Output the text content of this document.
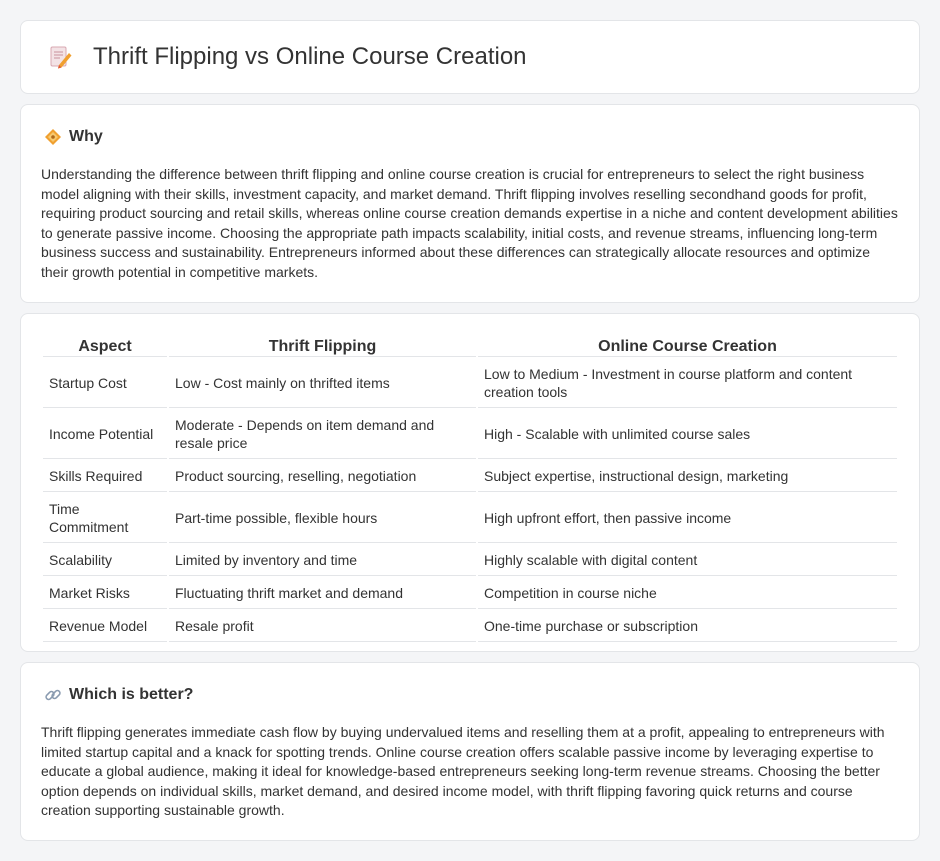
Thrift Flipping vs Online Course Creation
Why

Understanding the difference between thrift flipping and online course creation is crucial for entrepreneurs to select the right business model aligning with their skills, investment capacity, and market demand. Thrift flipping involves reselling secondhand goods for profit, requiring product sourcing and retail skills, whereas online course creation demands expertise in a niche and content development abilities to generate passive income. Choosing the appropriate path impacts scalability, initial costs, and revenue streams, influencing long-term business success and sustainability. Entrepreneurs informed about these differences can strategically allocate resources and optimize their growth potential in competitive markets.

Aspect	Thrift Flipping	Online Course Creation
Startup Cost	Low - Cost mainly on thrifted items	Low to Medium - Investment in course platform and content creation tools
Income Potential	Moderate - Depends on item demand and resale price	High - Scalable with unlimited course sales
Skills Required	Product sourcing, reselling, negotiation	Subject expertise, instructional design, marketing
Time Commitment	Part-time possible, flexible hours	High upfront effort, then passive income
Scalability	Limited by inventory and time	Highly scalable with digital content
Market Risks	Fluctuating thrift market and demand	Competition in course niche
Revenue Model	Resale profit	One-time purchase or subscription
Which is better?

Thrift flipping generates immediate cash flow by buying undervalued items and reselling them at a profit, appealing to entrepreneurs with limited startup capital and a knack for spotting trends. Online course creation offers scalable passive income by leveraging expertise to educate a global audience, making it ideal for knowledge-based entrepreneurs seeking long-term revenue streams. Choosing the better option depends on individual skills, market demand, and desired income model, with thrift flipping favoring quick returns and course creation supporting sustainable growth.
